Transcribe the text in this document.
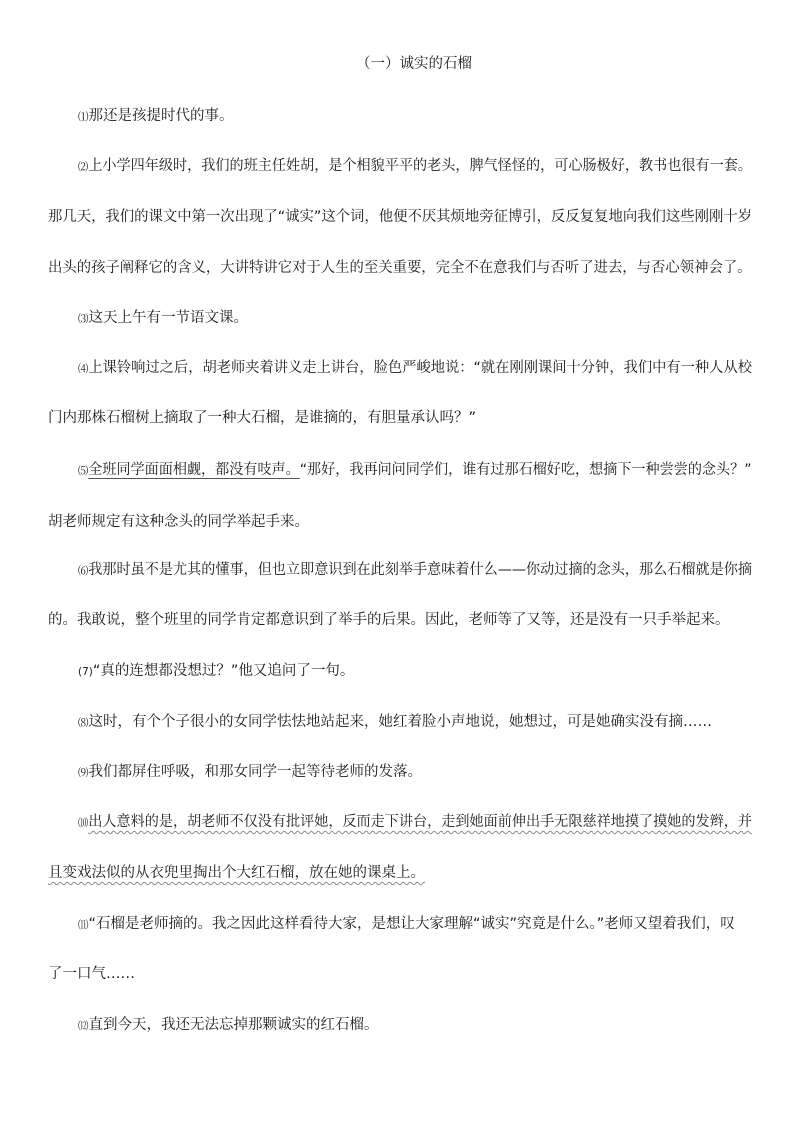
（一）诚实的石榴
⑴那还是孩提时代的事。
⑵上小学四年级时，我们的班主任姓胡，是个相貌平平的老头，脾气怪怪的，可心肠极好，教书也很有一套。
那几天，我们的课文中第一次出现了“诚实”这个词，他便不厌其烦地旁征博引，反反复复地向我们这些刚刚十岁
出头的孩子阐释它的含义，大讲特讲它对于人生的至关重要，完全不在意我们与否听了进去，与否心领神会了。
⑶这天上午有一节语文课。
⑷上课铃响过之后，胡老师夹着讲义走上讲台，脸色严峻地说：“就在刚刚课间十分钟，我们中有一种人从校
门内那株石榴树上摘取了一种大石榴，是谁摘的，有胆量承认吗？”
⑸全班同学面面相觑，都没有吱声。“那好，我再问问同学们，谁有过那石榴好吃，想摘下一种尝尝的念头？”
胡老师规定有这种念头的同学举起手来。
⑹我那时虽不是尤其的懂事，但也立即意识到在此刻举手意味着什么——你动过摘的念头，那么石榴就是你摘
的。我敢说，整个班里的同学肯定都意识到了举手的后果。因此，老师等了又等，还是没有一只手举起来。
(7)“真的连想都没想过？”他又追问了一句。
⑻这时，有个个子很小的女同学怯怯地站起来，她红着脸小声地说，她想过，可是她确实没有摘……
⑼我们都屏住呼吸，和那女同学一起等待老师的发落。
⑽出人意料的是，胡老师不仅没有批评她，反而走下讲台，走到她面前伸出手无限慈祥地摸了摸她的发辫，并
且变戏法似的从衣兜里掏出个大红石榴，放在她的课桌上。
⑾“石榴是老师摘的。我之因此这样看待大家，是想让大家理解“诚实”究竟是什么。”老师又望着我们，叹
了一口气……
⑿直到今天，我还无法忘掉那颗诚实的红石榴。
